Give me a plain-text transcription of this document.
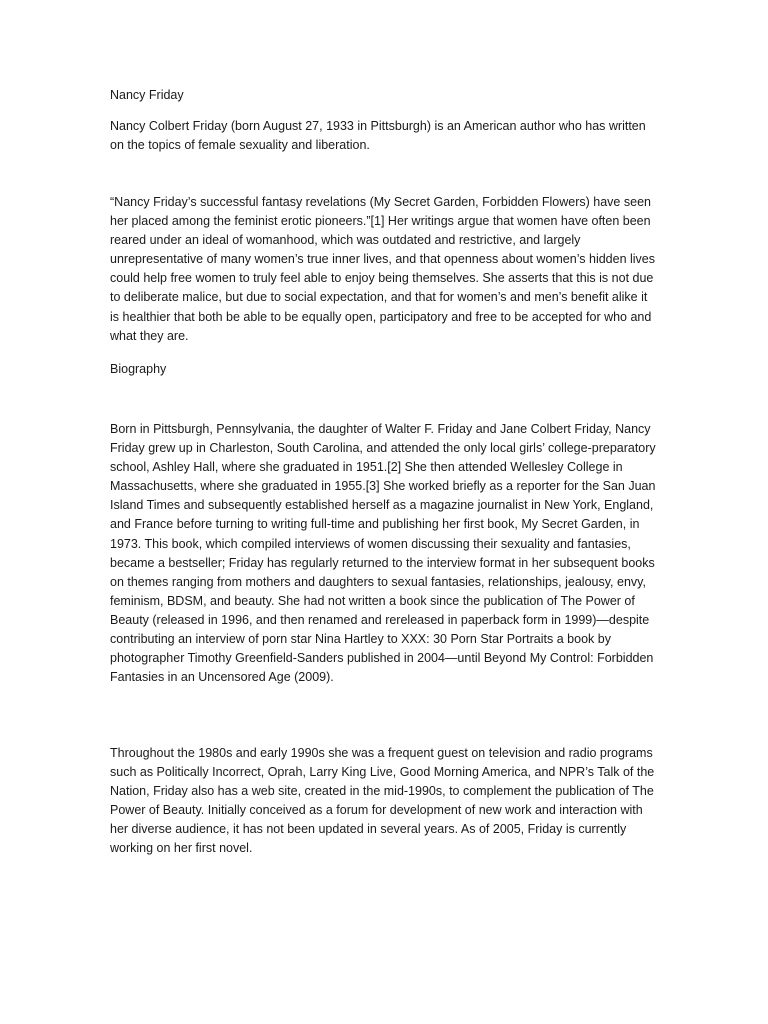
Nancy Friday

Nancy Colbert Friday (born August 27, 1933 in Pittsburgh) is an American author who has written on the topics of female sexuality and liberation.

“Nancy Friday’s successful fantasy revelations (My Secret Garden, Forbidden Flowers) have seen her placed among the feminist erotic pioneers.”[1] Her writings argue that women have often been reared under an ideal of womanhood, which was outdated and restrictive, and largely unrepresentative of many women’s true inner lives, and that openness about women’s hidden lives could help free women to truly feel able to enjoy being themselves. She asserts that this is not due to deliberate malice, but due to social expectation, and that for women’s and men’s benefit alike it is healthier that both be able to be equally open, participatory and free to be accepted for who and what they are.

Biography

Born in Pittsburgh, Pennsylvania, the daughter of Walter F. Friday and Jane Colbert Friday, Nancy Friday grew up in Charleston, South Carolina, and attended the only local girls’ college-preparatory school, Ashley Hall, where she graduated in 1951.[2] She then attended Wellesley College in Massachusetts, where she graduated in 1955.[3] She worked briefly as a reporter for the San Juan Island Times and subsequently established herself as a magazine journalist in New York, England, and France before turning to writing full-time and publishing her first book, My Secret Garden, in 1973. This book, which compiled interviews of women discussing their sexuality and fantasies, became a bestseller; Friday has regularly returned to the interview format in her subsequent books on themes ranging from mothers and daughters to sexual fantasies, relationships, jealousy, envy, feminism, BDSM, and beauty. She had not written a book since the publication of The Power of Beauty (released in 1996, and then renamed and rereleased in paperback form in 1999)—despite contributing an interview of porn star Nina Hartley to XXX: 30 Porn Star Portraits a book by photographer Timothy Greenfield-Sanders published in 2004—until Beyond My Control: Forbidden Fantasies in an Uncensored Age (2009).

Throughout the 1980s and early 1990s she was a frequent guest on television and radio programs such as Politically Incorrect, Oprah, Larry King Live, Good Morning America, and NPR’s Talk of the Nation, Friday also has a web site, created in the mid-1990s, to complement the publication of The Power of Beauty. Initially conceived as a forum for development of new work and interaction with her diverse audience, it has not been updated in several years. As of 2005, Friday is currently working on her first novel.
